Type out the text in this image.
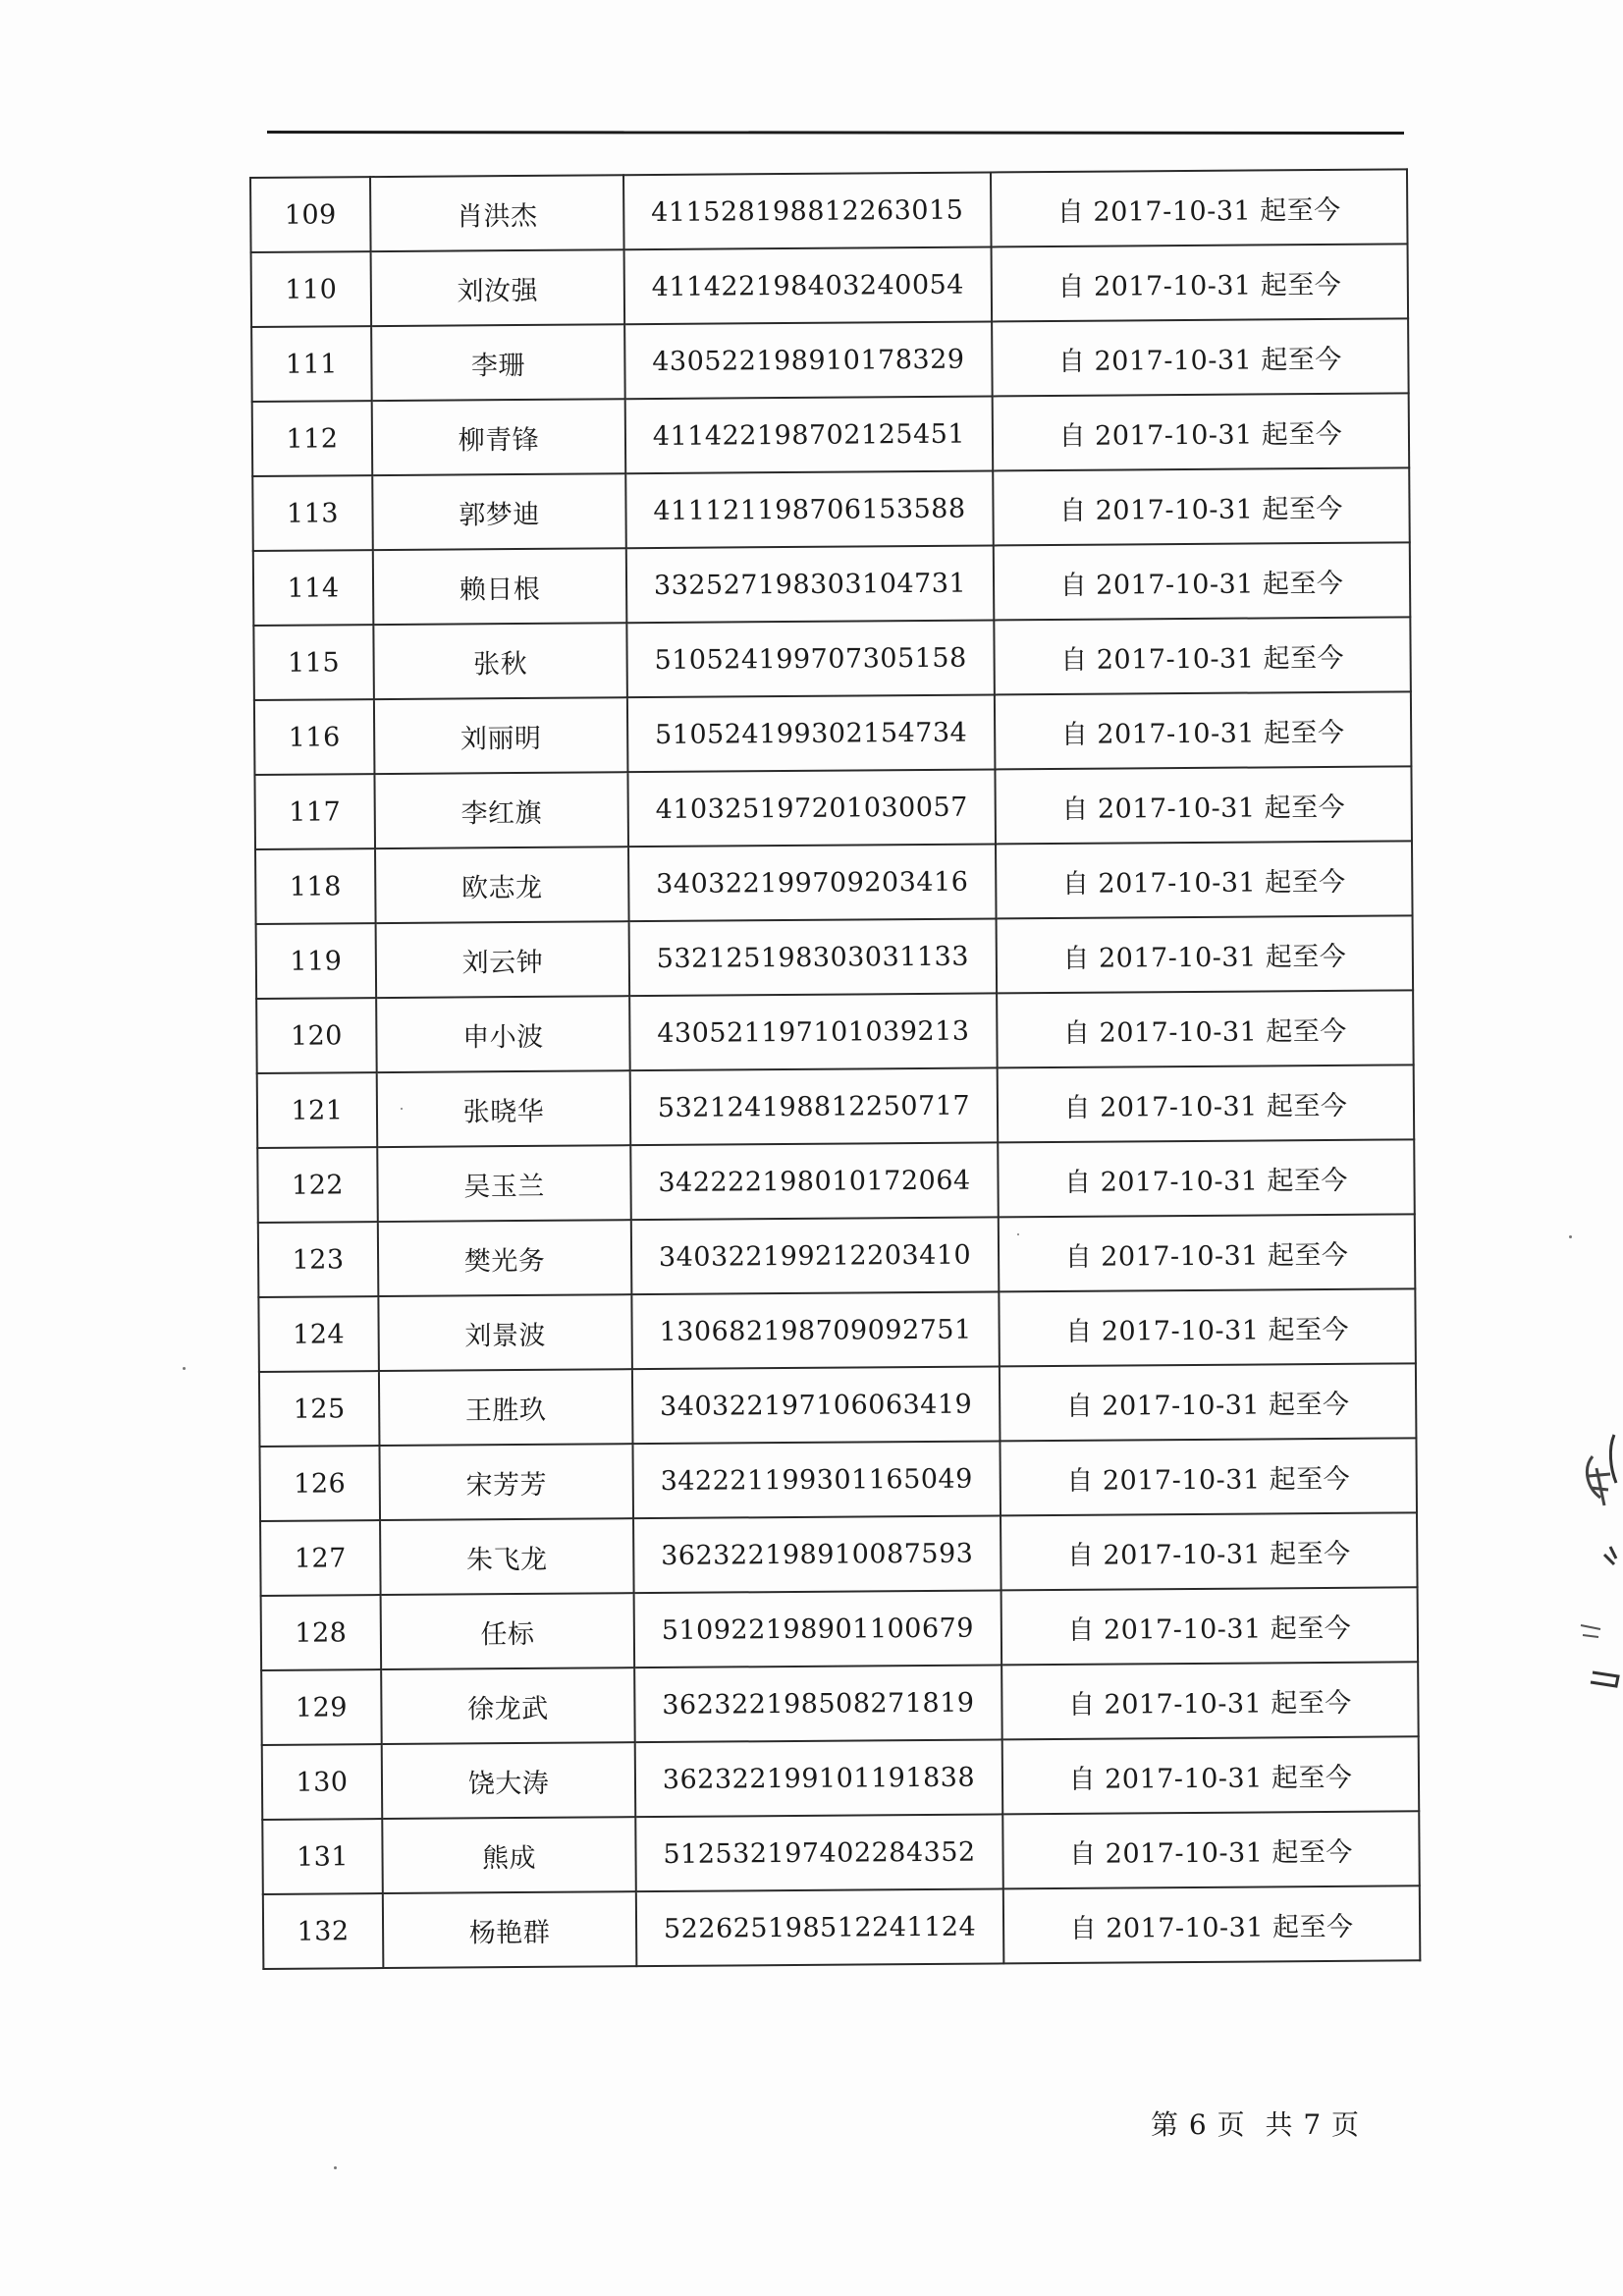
109	肖洪杰	411528198812263015	自 2017-10-31 起至今
110	刘汝强	411422198403240054	自 2017-10-31 起至今
111	李珊	430522198910178329	自 2017-10-31 起至今
112	柳青锋	411422198702125451	自 2017-10-31 起至今
113	郭梦迪	411121198706153588	自 2017-10-31 起至今
114	赖日根	332527198303104731	自 2017-10-31 起至今
115	张秋	510524199707305158	自 2017-10-31 起至今
116	刘丽明	510524199302154734	自 2017-10-31 起至今
117	李红旗	410325197201030057	自 2017-10-31 起至今
118	欧志龙	340322199709203416	自 2017-10-31 起至今
119	刘云钟	532125198303031133	自 2017-10-31 起至今
120	申小波	430521197101039213	自 2017-10-31 起至今
121	张晓华	532124198812250717	自 2017-10-31 起至今
122	吴玉兰	342222198010172064	自 2017-10-31 起至今
123	樊光务	340322199212203410	自 2017-10-31 起至今
124	刘景波	130682198709092751	自 2017-10-31 起至今
125	王胜玖	340322197106063419	自 2017-10-31 起至今
126	宋芳芳	342221199301165049	自 2017-10-31 起至今
127	朱飞龙	362322198910087593	自 2017-10-31 起至今
128	任标	510922198901100679	自 2017-10-31 起至今
129	徐龙武	362322198508271819	自 2017-10-31 起至今
130	饶大涛	362322199101191838	自 2017-10-31 起至今
131	熊成	512532197402284352	自 2017-10-31 起至今
132	杨艳群	522625198512241124	自 2017-10-31 起至今
第 6 页 共 7 页
